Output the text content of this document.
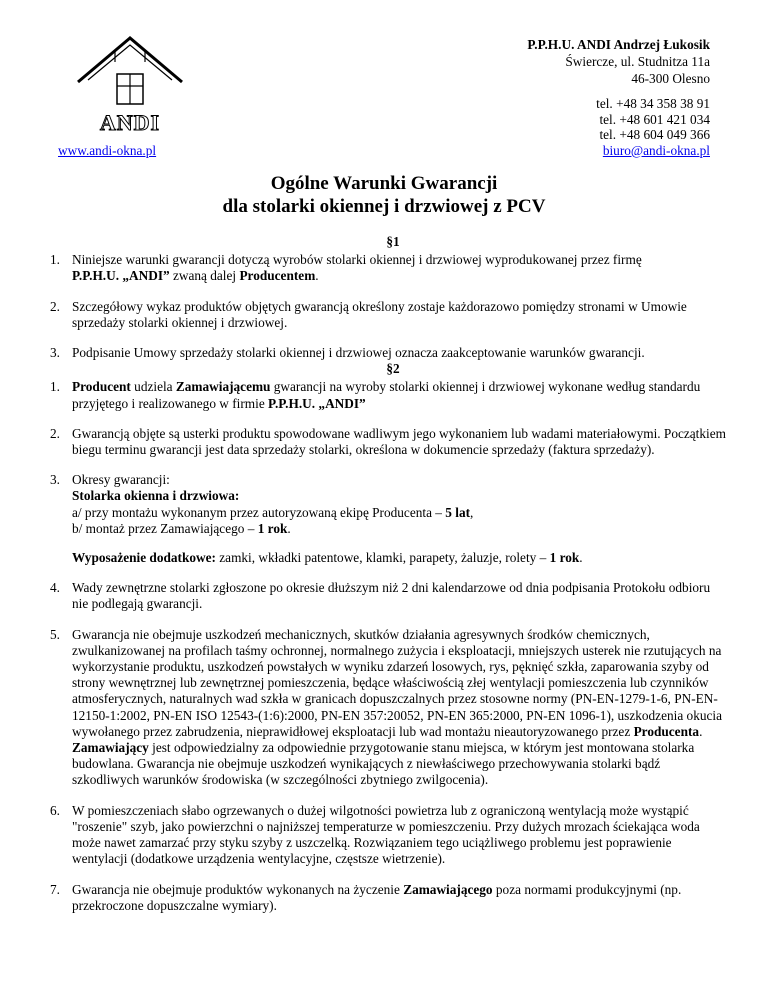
ANDI
P.P.H.U. ANDI Andrzej Łukosik
Świercze, ul. Studnitza 11a
46-300 Olesno
tel. +48 34 358 38 91
tel. +48 601 421 034
tel. +48 604 049 366
biuro@andi-okna.pl
www.andi-okna.pl
Ogólne Warunki Gwarancji
dla stolarki okiennej i drzwiowej z PCV
§1
1. Niniejsze warunki gwarancji dotyczą wyrobów stolarki okiennej i drzwiowej wyprodukowanej przez firmę
P.P.H.U. „ANDI” zwaną dalej Producentem.
2. Szczegółowy wykaz produktów objętych gwarancją określony zostaje każdorazowo pomiędzy stronami w Umowie sprzedaży stolarki okiennej i drzwiowej.
3. Podpisanie Umowy sprzedaży stolarki okiennej i drzwiowej oznacza zaakceptowanie warunków gwarancji.
§2
1. Producent udziela Zamawiającemu gwarancji na wyroby stolarki okiennej i drzwiowej wykonane według standardu przyjętego i realizowanego w firmie P.P.H.U. „ANDI”
2. Gwarancją objęte są usterki produktu spowodowane wadliwym jego wykonaniem lub wadami materiałowymi. Początkiem biegu terminu gwarancji jest data sprzedaży stolarki, określona w dokumencie sprzedaży (faktura sprzedaży).
3. Okresy gwarancji:
Stolarka okienna i drzwiowa:
a/ przy montażu wykonanym przez autoryzowaną ekipę Producenta – 5 lat,
b/ montaż przez Zamawiającego – 1 rok.
Wyposażenie dodatkowe: zamki, wkładki patentowe, klamki, parapety, żaluzje, rolety – 1 rok.
4. Wady zewnętrzne stolarki zgłoszone po okresie dłuższym niż 2 dni kalendarzowe od dnia podpisania Protokołu odbioru nie podlegają gwarancji.
5. Gwarancja nie obejmuje uszkodzeń mechanicznych, skutków działania agresywnych środków chemicznych, zwulkanizowanej na profilach taśmy ochronnej, normalnego zużycia i eksploatacji, mniejszych usterek nie rzutujących na wykorzystanie produktu, uszkodzeń powstałych w wyniku zdarzeń losowych, rys, pęknięć szkła, zaparowania szyby od strony wewnętrznej lub zewnętrznej pomieszczenia, będące właściwością złej wentylacji pomieszczenia lub czynników atmosferycznych, naturalnych wad szkła w granicach dopuszczalnych przez stosowne normy (PN-EN-1279-1-6, PN-EN-12150-1:2002, PN-EN ISO 12543-(1:6):2000, PN-EN 357:20052, PN-EN 365:2000, PN-EN 1096-1), uszkodzenia okucia wywołanego przez zabrudzenia, nieprawidłowej eksploatacji lub wad montażu nieautoryzowanego przez Producenta. Zamawiający jest odpowiedzialny za odpowiednie przygotowanie stanu miejsca, w którym jest montowana stolarka budowlana. Gwarancja nie obejmuje uszkodzeń wynikających z niewłaściwego przechowywania stolarki bądź szkodliwych warunków środowiska (w szczególności zbytniego zwilgocenia).
6. W pomieszczeniach słabo ogrzewanych o dużej wilgotności powietrza lub z ograniczoną wentylacją może wystąpić "roszenie" szyb, jako powierzchni o najniższej temperaturze w pomieszczeniu. Przy dużych mrozach ściekająca woda może nawet zamarzać przy styku szyby z uszczelką. Rozwiązaniem tego uciążliwego problemu jest poprawienie wentylacji (dodatkowe urządzenia wentylacyjne, częstsze wietrzenie).
7. Gwarancja nie obejmuje produktów wykonanych na życzenie Zamawiającego poza normami produkcyjnymi (np. przekroczone dopuszczalne wymiary).
